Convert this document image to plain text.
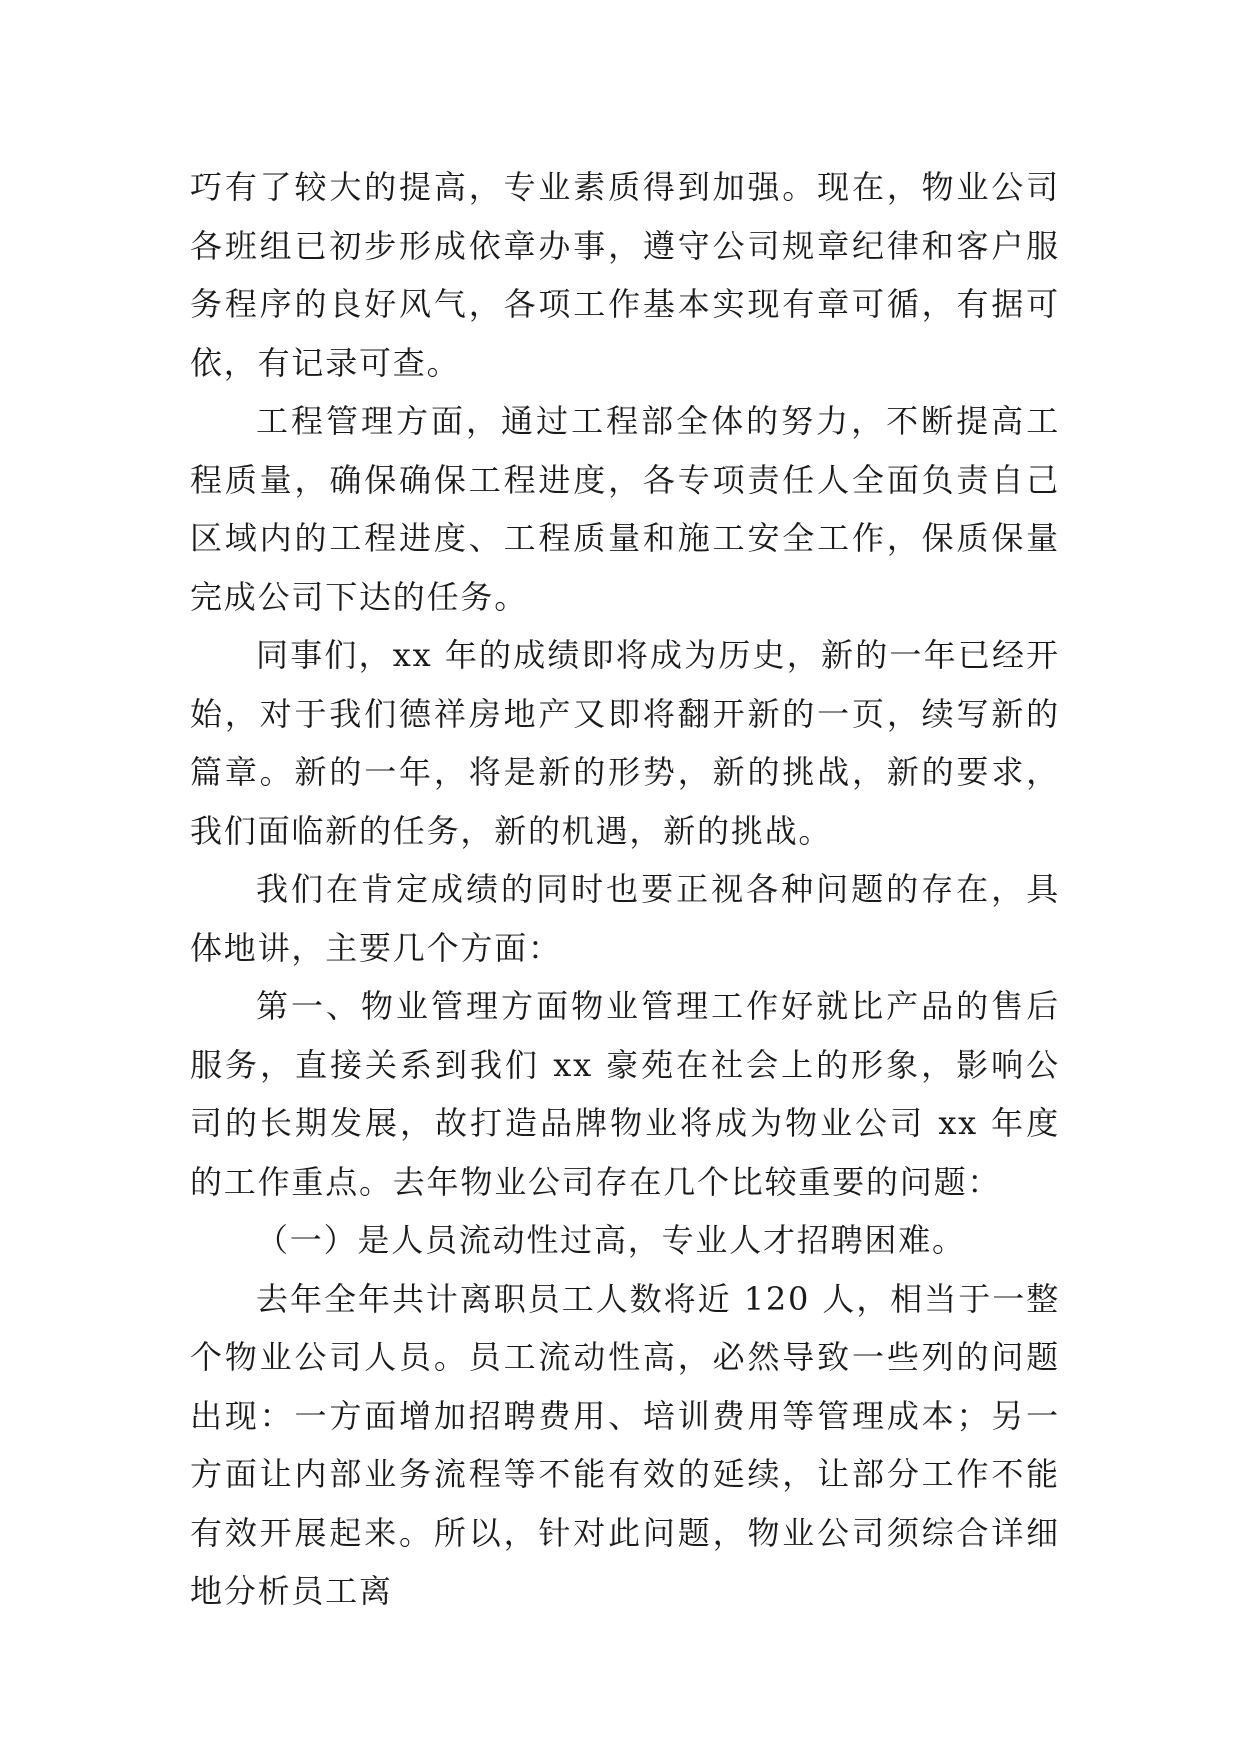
巧有了较大的提高，专业素质得到加强。现在，物业公司各班组已初步形成依章办事，遵守公司规章纪律和客户服务程序的良好风气，各项工作基本实现有章可循，有据可依，有记录可查。

工程管理方面，通过工程部全体的努力，不断提高工程质量，确保确保工程进度，各专项责任人全面负责自己区域内的工程进度、工程质量和施工安全工作，保质保量完成公司下达的任务。

同事们，xx 年的成绩即将成为历史，新的一年已经开始，对于我们德祥房地产又即将翻开新的一页，续写新的篇章。新的一年，将是新的形势，新的挑战，新的要求，我们面临新的任务，新的机遇，新的挑战。

我们在肯定成绩的同时也要正视各种问题的存在，具体地讲，主要几个方面：

第一、物业管理方面物业管理工作好就比产品的售后服务，直接关系到我们 xx 豪苑在社会上的形象，影响公司的长期发展，故打造品牌物业将成为物业公司 xx 年度的工作重点。去年物业公司存在几个比较重要的问题：

（一）是人员流动性过高，专业人才招聘困难。

去年全年共计离职员工人数将近 120 人，相当于一整个物业公司人员。员工流动性高，必然导致一些列的问题出现：一方面增加招聘费用、培训费用等管理成本；另一方面让内部业务流程等不能有效的延续，让部分工作不能有效开展起来。所以，针对此问题，物业公司须综合详细地分析员工离
